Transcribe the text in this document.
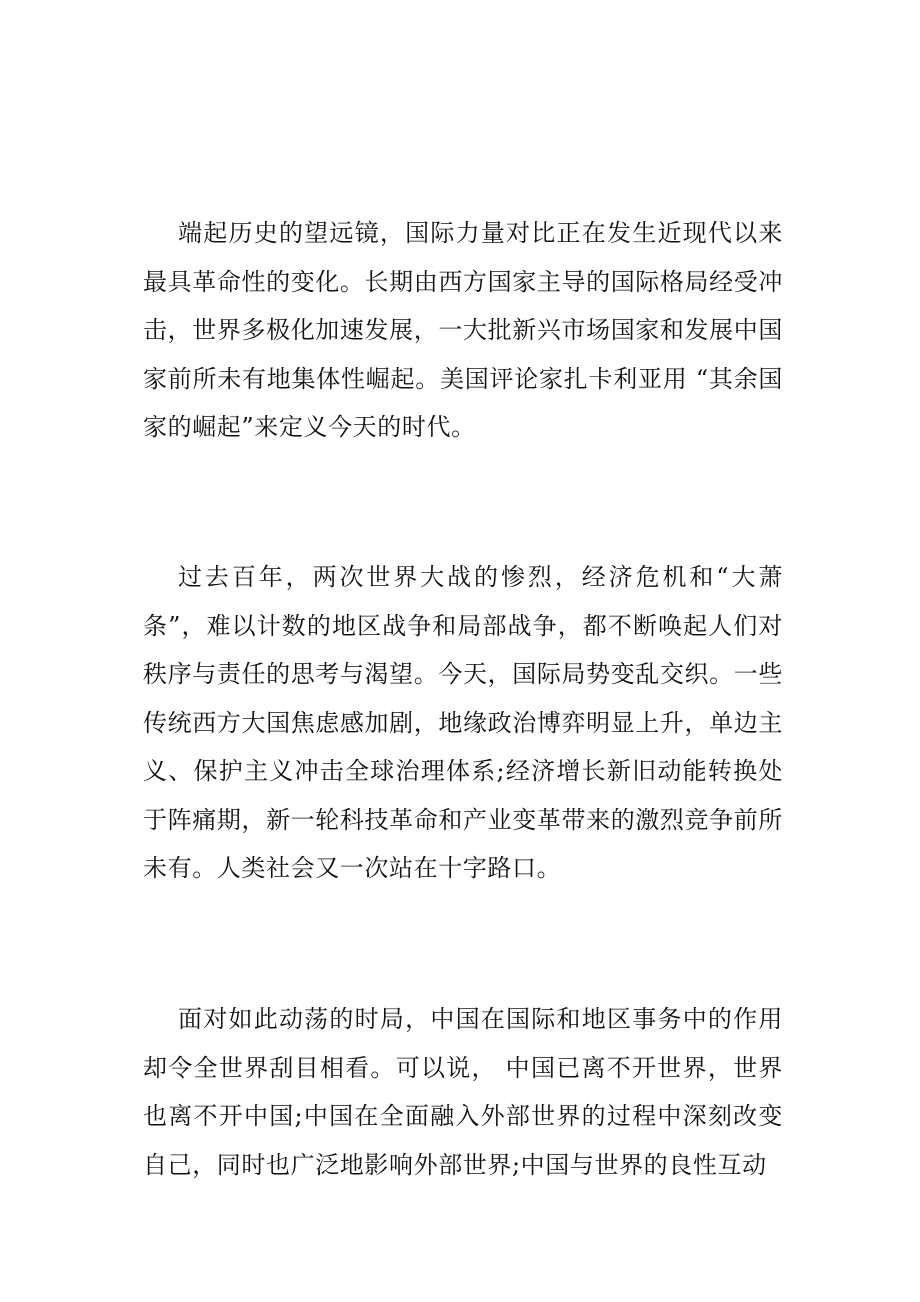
端起历史的望远镜，国际力量对比正在发生近现代以来最具革命性的变化。长期由西方国家主导的国际格局经受冲击，世界多极化加速发展，一大批新兴市场国家和发展中国家前所未有地集体性崛起。美国评论家扎卡利亚用 “其余国家的崛起”来定义今天的时代。

过去百年，两次世界大战的惨烈，经济危机和“大萧条”，难以计数的地区战争和局部战争，都不断唤起人们对秩序与责任的思考与渴望。今天，国际局势变乱交织。一些传统西方大国焦虑感加剧，地缘政治博弈明显上升，单边主义、保护主义冲击全球治理体系;经济增长新旧动能转换处于阵痛期，新一轮科技革命和产业变革带来的激烈竞争前所未有。人类社会又一次站在十字路口。

面对如此动荡的时局，中国在国际和地区事务中的作用却令全世界刮目相看。可以说， 中国已离不开世界，世界也离不开中国;中国在全面融入外部世界的过程中深刻改变自己，同时也广泛地影响外部世界;中国与世界的良性互动
